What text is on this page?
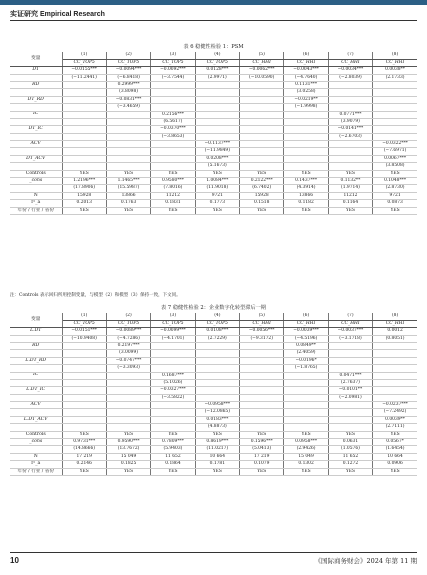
实证研究 Empirical Research
表 6 稳健性检验 1：PSM
变量	(1)	(2)	(3)	(4)	(5)	(6)	(7)	(8)
	CC_TOP5	CC_TOP5	CC_TOP5	CC_TOP5	CC_HHI	CC_HHI	CC_HHI	CC_HHI
DT	−0.0155***	−0.0094***	−0.0092***	0.0128***	−0.0062***	−0.0043***	−0.0034***	0.0038**
	(−11.2441)	(−6.8418)	(−3.7544)	(2.9971)	(−10.0590)	(−4.7640)	(−2.8039)	(2.1733)
RD		0.2999***				0.1131***		
		(3.8098)				(3.0258)		
DT_RD		−0.0831***				−0.0219**		
		(−3.4659)				(−1.9998)		
IC			0.2156***				0.0771***	
			(6.5617)				(3.9079)	
DT_IC			−0.0370***				−0.0141***	
			(−3.8653)				(−2.6703)	
ACV				−0.1137***				−0.0322***
				(−11.9849)				(−7.6971)
DT_ACV				0.0208***				0.0067***
				(5.1673)				(3.8508)
Controls	YES	YES	YES	YES	YES	YES	YES	YES
_cons	1.2196***	1.1465***	0.9580***	1.0084***	0.2122***	0.1437***	0.1132**	0.1048***
	(17.8906)	(15.5987)	(7.8016)	(11.9018)	(6.7402)	(4.3914)	(1.9714)	(2.8730)
N	15928	13866	11212	9721	15928	13866	11212	9721
r²_a	0.2013	0.1763	0.1831	0.1773	0.1518	0.1182	0.1164	0.0873
年份 / 行业 / 省份	YES	YES	YES	YES	YES	YES	YES	YES
注：Controls 表示回归所用控制变量，与模型（2）和模型（3）保持一致，下文同。
表 7 稳健性检验 2：企业数字化转型滞后一期
变量	(1)	(2)	(3)	(4)	(5)	(6)	(7)	(8)
	CC_TOP5	CC_TOP5	CC_TOP5	CC_TOP5	CC_HHI	CC_HHI	CC_HHI	CC_HHI
L.DT	−0.0151***	−0.0089***	−0.0099***	0.0108***	−0.0056***	−0.0039***	−0.0037***	0.0012
	(−10.9408)	(−4.7286)	(−4.1701)	(2.7229)	(−9.3172)	(−4.5196)	(−3.1718)	(0.8051)
RD		0.2197***				0.0849**		
		(3.0099)				(2.4059)		
L.DT_RD		−0.0747***				−0.0196*		
		(−3.3093)				(−1.8765)		
IC			0.1687***				0.0471***	
			(5.1026)				(2.7637)	
L.DT_IC			−0.0327***				−0.0101**	
			(−3.5822)				(−2.0981)	
ACV				−0.0958***				−0.0237***
				(−12.0865)				(−7.2492)
L.DT_ACV				0.0183***				0.0039**
				(4.8873)				(2.7111)
Controls	YES	YES	YES	YES	YES	YES	YES	YES
_cons	0.9731***	0.9590***	0.7809***	0.8619***	0.1596***	0.0958***	0.0631	0.0567*
	(14.8666)	(13.7672)	(5.9403)	(11.0217)	(5.0413)	(2.9426)	(1.0576)	(1.6454)
N	17 219	15 049	11 652	10 664	17 219	15 049	11 652	10 664
r²_a	0.2146	0.1825	0.1864	0.1781	0.1079	0.1302	0.1272	0.0906
年份 / 行业 / 省份	YES	YES	YES	YES	YES	YES	YES	YES
10	《国际商务财会》2024 年第 11 期
